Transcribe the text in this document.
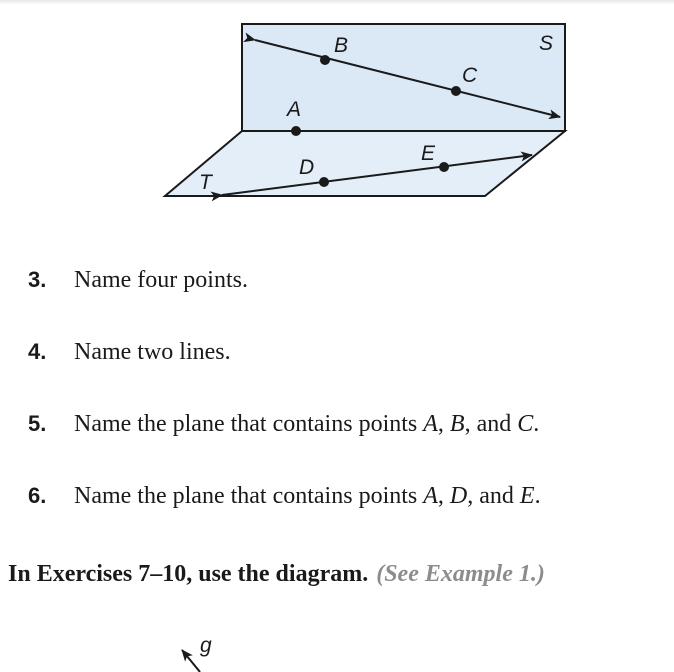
B
C
A
D
E
S
T
3. Name four points.
4. Name two lines.
5. Name the plane that contains points A, B, and C.
6. Name the plane that contains points A, D, and E.
In Exercises 7–10, use the diagram. (See Example 1.)
g
